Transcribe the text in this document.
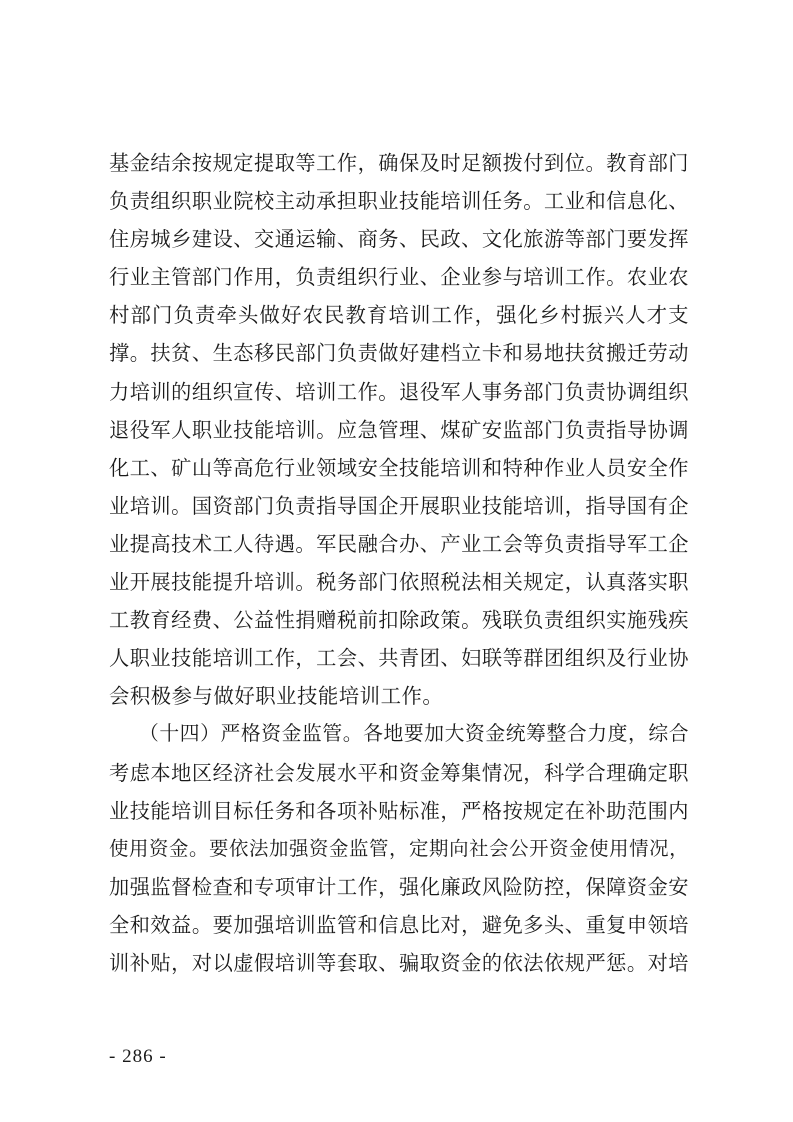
基金结余按规定提取等工作，确保及时足额拨付到位。教育部门
负责组织职业院校主动承担职业技能培训任务。工业和信息化、
住房城乡建设、交通运输、商务、民政、文化旅游等部门要发挥
行业主管部门作用，负责组织行业、企业参与培训工作。农业农
村部门负责牵头做好农民教育培训工作，强化乡村振兴人才支
撑。扶贫、生态移民部门负责做好建档立卡和易地扶贫搬迁劳动
力培训的组织宣传、培训工作。退役军人事务部门负责协调组织
退役军人职业技能培训。应急管理、煤矿安监部门负责指导协调
化工、矿山等高危行业领域安全技能培训和特种作业人员安全作
业培训。国资部门负责指导国企开展职业技能培训，指导国有企
业提高技术工人待遇。军民融合办、产业工会等负责指导军工企
业开展技能提升培训。税务部门依照税法相关规定，认真落实职
工教育经费、公益性捐赠税前扣除政策。残联负责组织实施残疾
人职业技能培训工作，工会、共青团、妇联等群团组织及行业协
会积极参与做好职业技能培训工作。
（十四）严格资金监管。各地要加大资金统筹整合力度，综合
考虑本地区经济社会发展水平和资金筹集情况，科学合理确定职
业技能培训目标任务和各项补贴标准，严格按规定在补助范围内
使用资金。要依法加强资金监管，定期向社会公开资金使用情况，
加强监督检查和专项审计工作，强化廉政风险防控，保障资金安
全和效益。要加强培训监管和信息比对，避免多头、重复申领培
训补贴，对以虚假培训等套取、骗取资金的依法依规严惩。对培
- 286 -
